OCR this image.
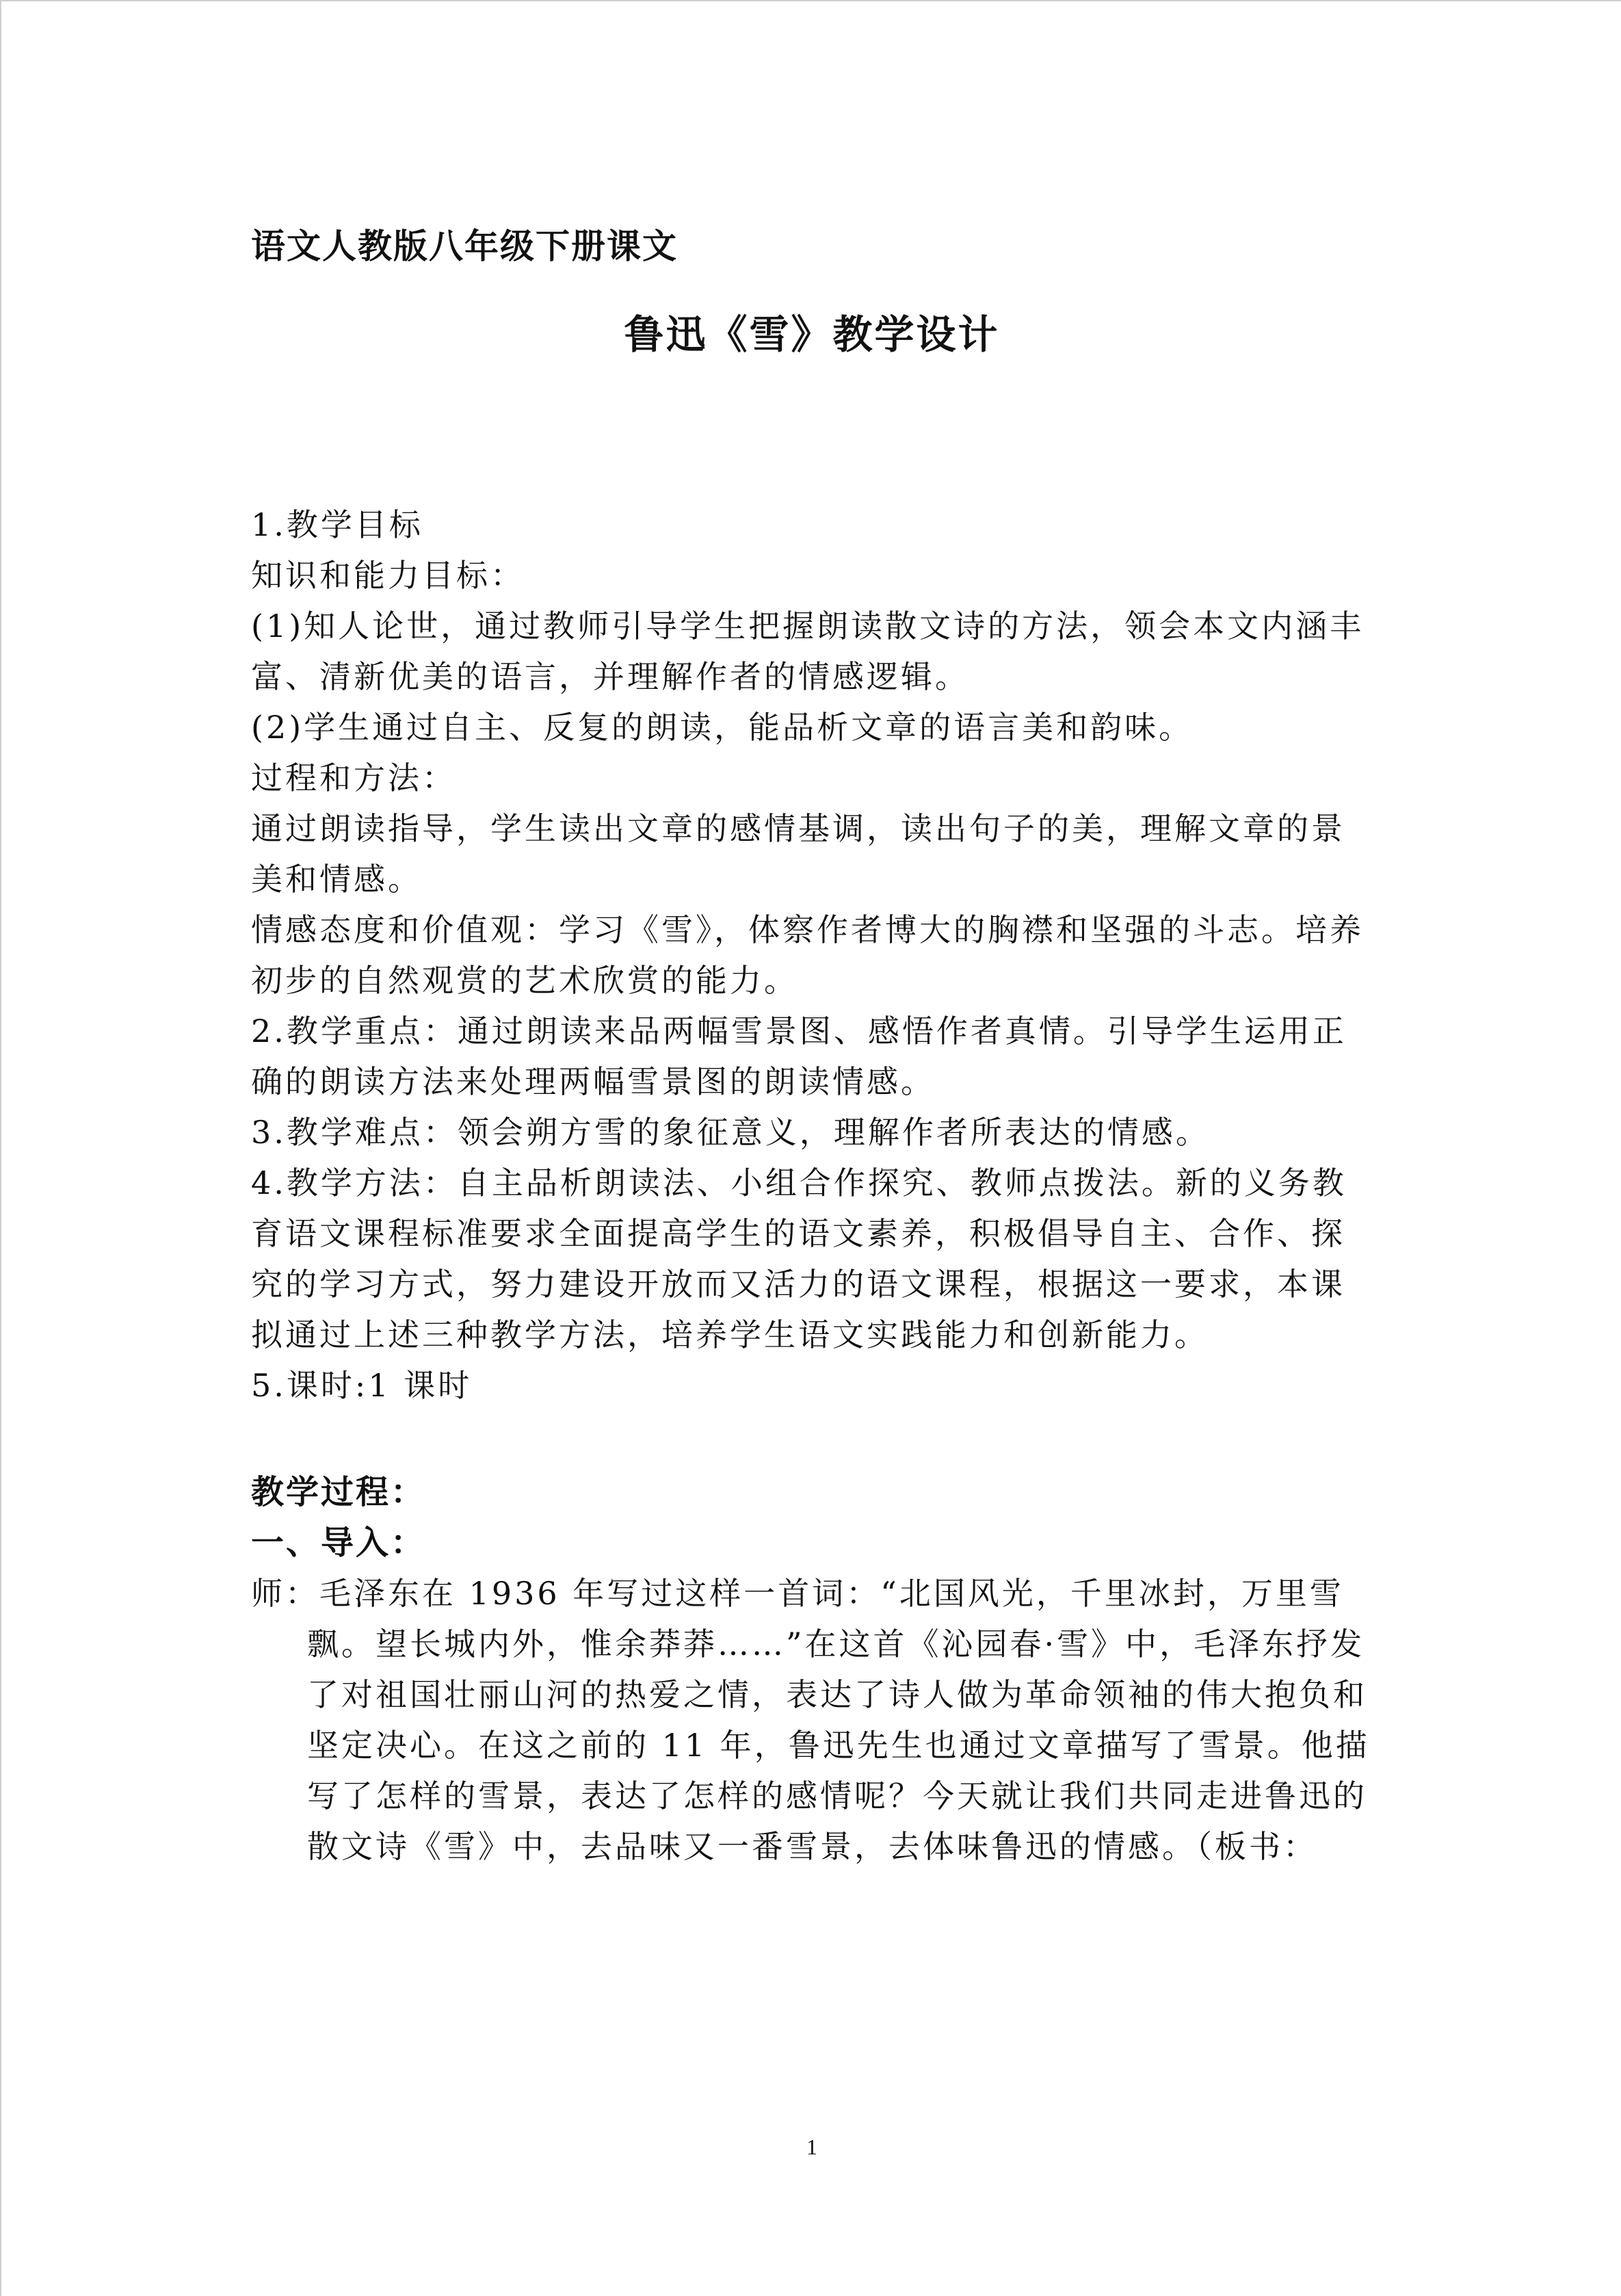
语文人教版八年级下册课文
鲁迅《雪》教学设计

1.教学目标

知识和能力目标：

(1)知人论世，通过教师引导学生把握朗读散文诗的方法，领会本文内涵丰富、清新优美的语言，并理解作者的情感逻辑。

(2)学生通过自主、反复的朗读，能品析文章的语言美和韵味。

过程和方法：

通过朗读指导，学生读出文章的感情基调，读出句子的美，理解文章的景美和情感。

情感态度和价值观：学习《雪》，体察作者博大的胸襟和坚强的斗志。培养初步的自然观赏的艺术欣赏的能力。

2.教学重点：通过朗读来品两幅雪景图、感悟作者真情。引导学生运用正确的朗读方法来处理两幅雪景图的朗读情感。

3.教学难点：领会朔方雪的象征意义，理解作者所表达的情感。

4.教学方法：自主品析朗读法、小组合作探究、教师点拨法。新的义务教育语文课程标准要求全面提高学生的语文素养，积极倡导自主、合作、探究的学习方式，努力建设开放而又活力的语文课程，根据这一要求，本课拟通过上述三种教学方法，培养学生语文实践能力和创新能力。

5.课时:1 课时

教学过程：

一、导入：

师：毛泽东在 1936 年写过这样一首词：“北国风光，千里冰封，万里雪飘。望长城内外，惟余莽莽……”在这首《沁园春·雪》中，毛泽东抒发了对祖国壮丽山河的热爱之情，表达了诗人做为革命领袖的伟大抱负和坚定决心。在这之前的 11 年，鲁迅先生也通过文章描写了雪景。他描写了怎样的雪景，表达了怎样的感情呢？今天就让我们共同走进鲁迅的散文诗《雪》中，去品味又一番雪景，去体味鲁迅的情感。（板书：

1
